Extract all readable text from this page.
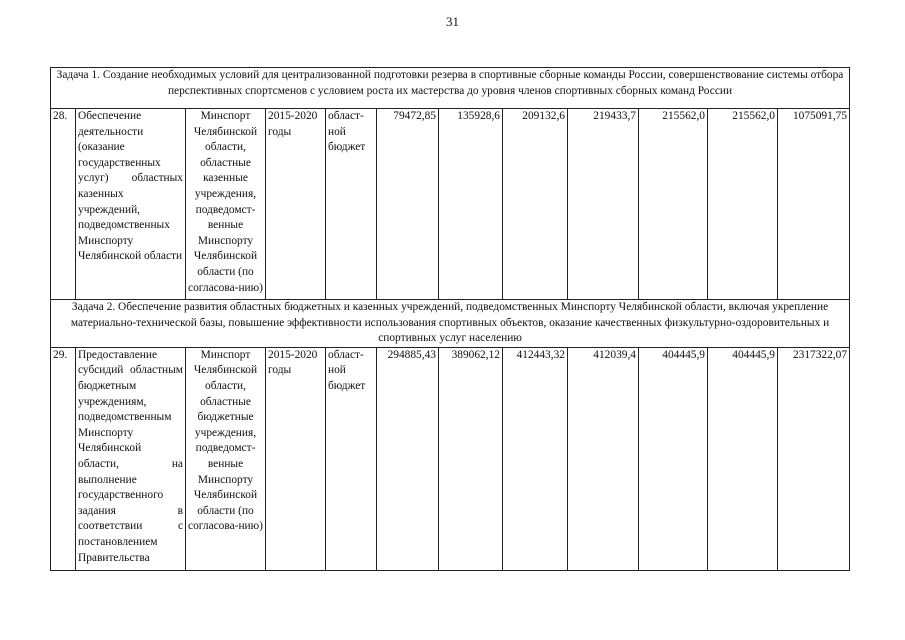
31
Задача 1. Создание необходимых условий для централизованной подготовки резерва в спортивные сборные команды России, совершенствование системы отбора перспективных спортсменов с условием роста их мастерства до уровня членов спортивных сборных команд России											
28.	Обеспечение деятельности (оказание государственных услуг) областных казенных учреждений, подведомственных Минспорту Челябинской области	Минспорт Челябинской области, областные казенные учреждения, подведомст-венные Минспорту Челябинской области (по согласова-нию)	2015-2020 годы	област-ной бюджет	79472,85	135928,6	209132,6	219433,7	215562,0	215562,0	1075091,75
Задача 2. Обеспечение развития областных бюджетных и казенных учреждений, подведомственных Минспорту Челябинской области, включая укрепление материально-технической базы, повышение эффективности использования спортивных объектов, оказание качественных физкультурно-оздоровительных и спортивных услуг населению											
29.	Предоставление субсидий областным бюджетным учреждениям, подведомственным Минспорту Челябинской области, на выполнение государственного задания в соответствии с постановлением Правительства	Минспорт Челябинской области, областные бюджетные учреждения, подведомст-венные Минспорту Челябинской области (по согласова-нию)	2015-2020 годы	област-ной бюджет	294885,43	389062,12	412443,32	412039,4	404445,9	404445,9	2317322,07
